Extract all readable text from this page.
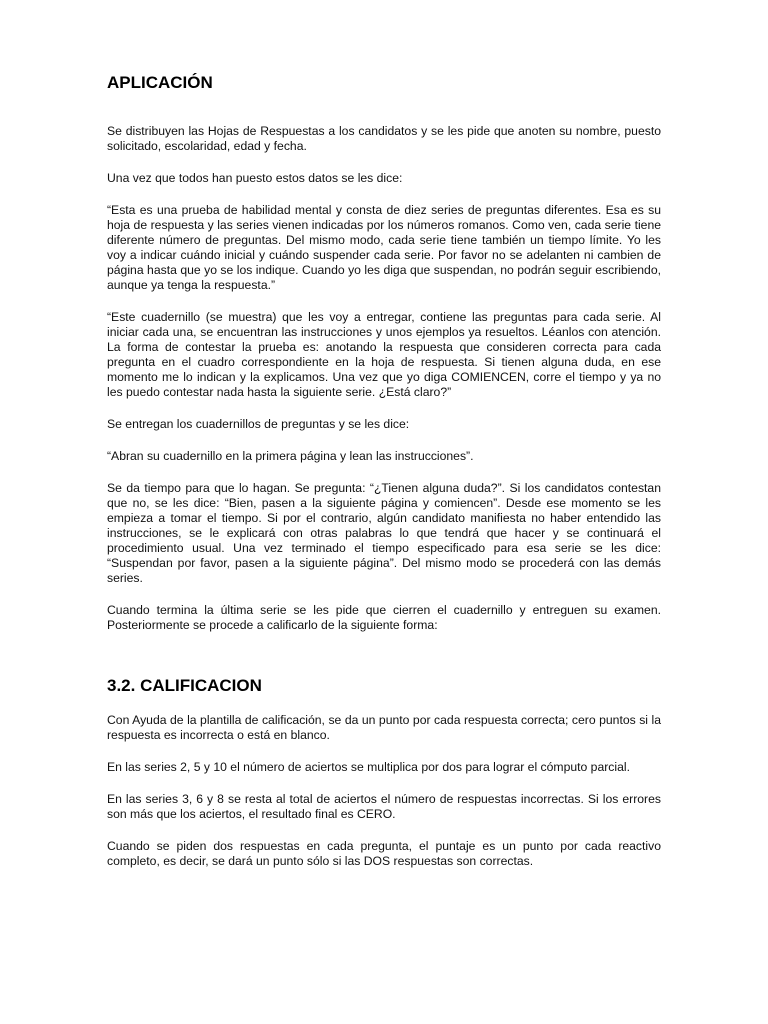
APLICACIÓN

Se distribuyen las Hojas de Respuestas a los candidatos y se les pide que anoten su nombre, puesto solicitado, escolaridad, edad y fecha.

Una vez que todos han puesto estos datos se les dice:

“Esta es una prueba de habilidad mental y consta de diez series de preguntas diferentes. Esa es su hoja de respuesta y las series vienen indicadas por los números romanos. Como ven, cada serie tiene diferente número de preguntas. Del mismo modo, cada serie tiene también un tiempo límite. Yo les voy a indicar cuándo inicial y cuándo suspender cada serie. Por favor no se adelanten ni cambien de página hasta que yo se los indique. Cuando yo les diga que suspendan, no podrán seguir escribiendo, aunque ya tenga la respuesta.”

“Este cuadernillo (se muestra) que les voy a entregar, contiene las preguntas para cada serie. Al iniciar cada una, se encuentran las instrucciones y unos ejemplos ya resueltos. Léanlos con atención. La forma de contestar la prueba es: anotando la respuesta que consideren correcta para cada pregunta en el cuadro correspondiente en la hoja de respuesta. Si tienen alguna duda, en ese momento me lo indican y la explicamos. Una vez que yo diga COMIENCEN, corre el tiempo y ya no les puedo contestar nada hasta la siguiente serie. ¿Está claro?”

Se entregan los cuadernillos de preguntas y se les dice:

“Abran su cuadernillo en la primera página y lean las instrucciones”.

Se da tiempo para que lo hagan. Se pregunta: “¿Tienen alguna duda?”. Si los candidatos contestan que no, se les dice: “Bien, pasen a la siguiente página y comiencen”. Desde ese momento se les empieza a tomar el tiempo. Si por el contrario, algún candidato manifiesta no haber entendido las instrucciones, se le explicará con otras palabras lo que tendrá que hacer y se continuará el procedimiento usual. Una vez terminado el tiempo especificado para esa serie se les dice: “Suspendan por favor, pasen a la siguiente página”. Del mismo modo se procederá con las demás series.

Cuando termina la última serie se les pide que cierren el cuadernillo y entreguen su examen. Posteriormente se procede a calificarlo de la siguiente forma:

3.2. CALIFICACION

Con Ayuda de la plantilla de calificación, se da un punto por cada respuesta correcta; cero puntos si la respuesta es incorrecta o está en blanco.

En las series 2, 5 y 10 el número de aciertos se multiplica por dos para lograr el cómputo parcial.

En las series 3, 6 y 8 se resta al total de aciertos el número de respuestas incorrectas. Si los errores son más que los aciertos, el resultado final es CERO.

Cuando se piden dos respuestas en cada pregunta, el puntaje es un punto por cada reactivo completo, es decir, se dará un punto sólo si las DOS respuestas son correctas.
